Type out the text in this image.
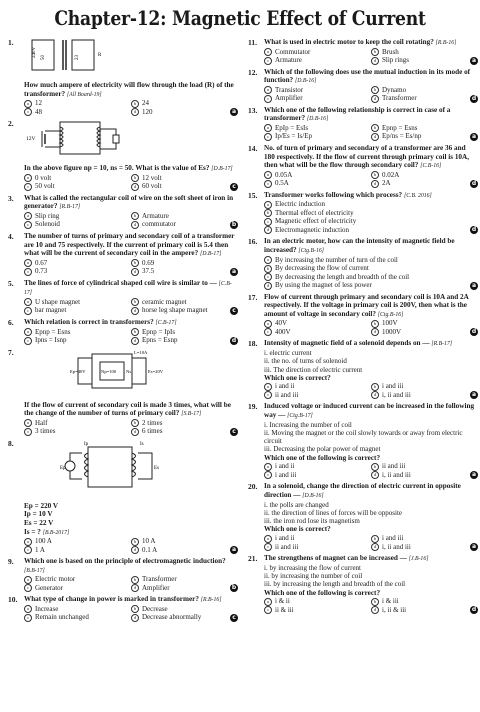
Chapter-12: Magnetic Effect of Current
1.
240V 50	23	R
How much ampere of electricity will flow through the load (R) of the transformer? [All Board-19]
a 12	b 24
c 48	d 120	a
2.
12V
In the above figure np = 10, ns = 50. What is the value of Es? [D.B-17]
a 0 volt	b 12 volt
c 50 volt	d 60 volt	c
3. What is called the rectangular coil of wire on the soft sheet of iron in generator? [R.B-17]
a Slip ring	b Armature
c Solenoid	d commutator	b
4. The number of turns of primary and secondary coil of a transformer are 10 and 75 respectively. If the current of primary coil is 5.4 then what will be the current of secondary coil in the ampere? [D.B-17]
a 0.67	b 0.69
c 0.73	d 37.5	a
5. The lines of force of cylindrical shaped coil wire is similar to — [C.B-17]
a U shape magnet	b ceramic magnet
c bar magnet	d horse leg shape magnet	c
6. Which relation is correct in transformers? [C.B-17]
a Epnp = Esns	b Epnp = IpIs
c Ipns = Isnp	d Epns = Esnp	d
7.
Ep=40V	Np=100 Ns
L=10A
Es=20V
If the flow of current of secondary coil is made 3 times, what will be the change of the number of turns of primary coil? [S.B-17]
a Half	b 2 times
c 3 times	d 6 times	c
8.
Ep
Ip	Is
Es
Ep = 220 V
Ip = 10 V
Es = 22 V
Is = ? [B.B-2017]
a 100 A	b 10 A
c 1 A	d 0.1 A	a
9. Which one is based on the principle of electromagnetic induction? [B.B-17]
a Electric motor	b Transformer
c Generator	d Amplifier	b
10. What type of change in power is marked in transformer? [R.B-16]
a Increase	b Decrease
c Remain unchanged	d Decrease abnormally	c
11. What is used in electric motor to keep the coil rotating? [R.B-16]
a Commutator	b Brush
c Armature	d Slip rings	a
12. Which of the following does use the mutual induction in its mode of function? [D.B-16]
a Transistor	b Dynamo
c Amplifier	d Transformer	d
13. Which one of the following relationship is correct in case of a transformer? [D.B-16]
a EpIp = EsIs	b Epnp = Esns
c Ip/Es = Is/Ep	d Ep/ns = Es/np	a
14. No. of turn of primary and secondary of a transformer are 36 and 180 respectively. If the flow of current through primary coil is 10A, then what will be the flow through secondary coil? [C.B-16]
a 0.05A	b 0.02A
c 0.5A	d 2A	d
15. Transformer works following which process? [C.B. 2016]
a Electric induction
b Thermal effect of electricity
c Magnetic effect of electricity
d Electromagnetic induction	d
16. In an electric motor, how can the intensity of magnetic field be increased? [Ctg.B-16]
a By increasing the number of turn of the coil
b By decreasing the flow of current
c By decreasing the length and breadth of the coil
d By using the magnet of less power	a
17. Flow of current through primary and secondary coil is 10A and 2A respectively. If the voltage in primary coil is 200V, then what is the amount of voltage in secondary coil? [Ctg.B-16]
a 40V	b 100V
c 400V	d 1000V	d
18. Intensity of magnetic field of a solenoid depends on — [R.B-17]
i. electric current
ii. the no. of turns of solenoid
iii. The direction of electric current
Which one is correct?
a i and ii	b i and iii
c ii and iii	d i, ii and iii	a
19. Induced voltage or induced current can be increased in the following way — [Ctg.B-17]
i. Increasing the number of coil
ii. Moving the magnet or the coil slowly towards or away from electric circuit
iii. Decreasing the polar power of magnet
Which one of the following is correct?
a i and ii	b ii and iii
c i and iii	d i, ii and iii	a
20. In a solenoid, change the direction of electric current in opposite direction — [D.B-16]
i. the polls are changed
ii. the direction of lines of forces will be opposite
iii. the iron rod lose its magnetism
Which one is correct?
a i and ii	b i and iii
c ii and iii	d i, ii and iii	a
21. The strengthens of magnet can be increased — [J.B-16]
i. by increasing the flow of current
ii. by increasing the number of coil
iii. by increasing the length and breadth of the coil
Which one of the following is correct?
a i & ii	b i & iii
c ii & iii	d i, ii & iii	d
